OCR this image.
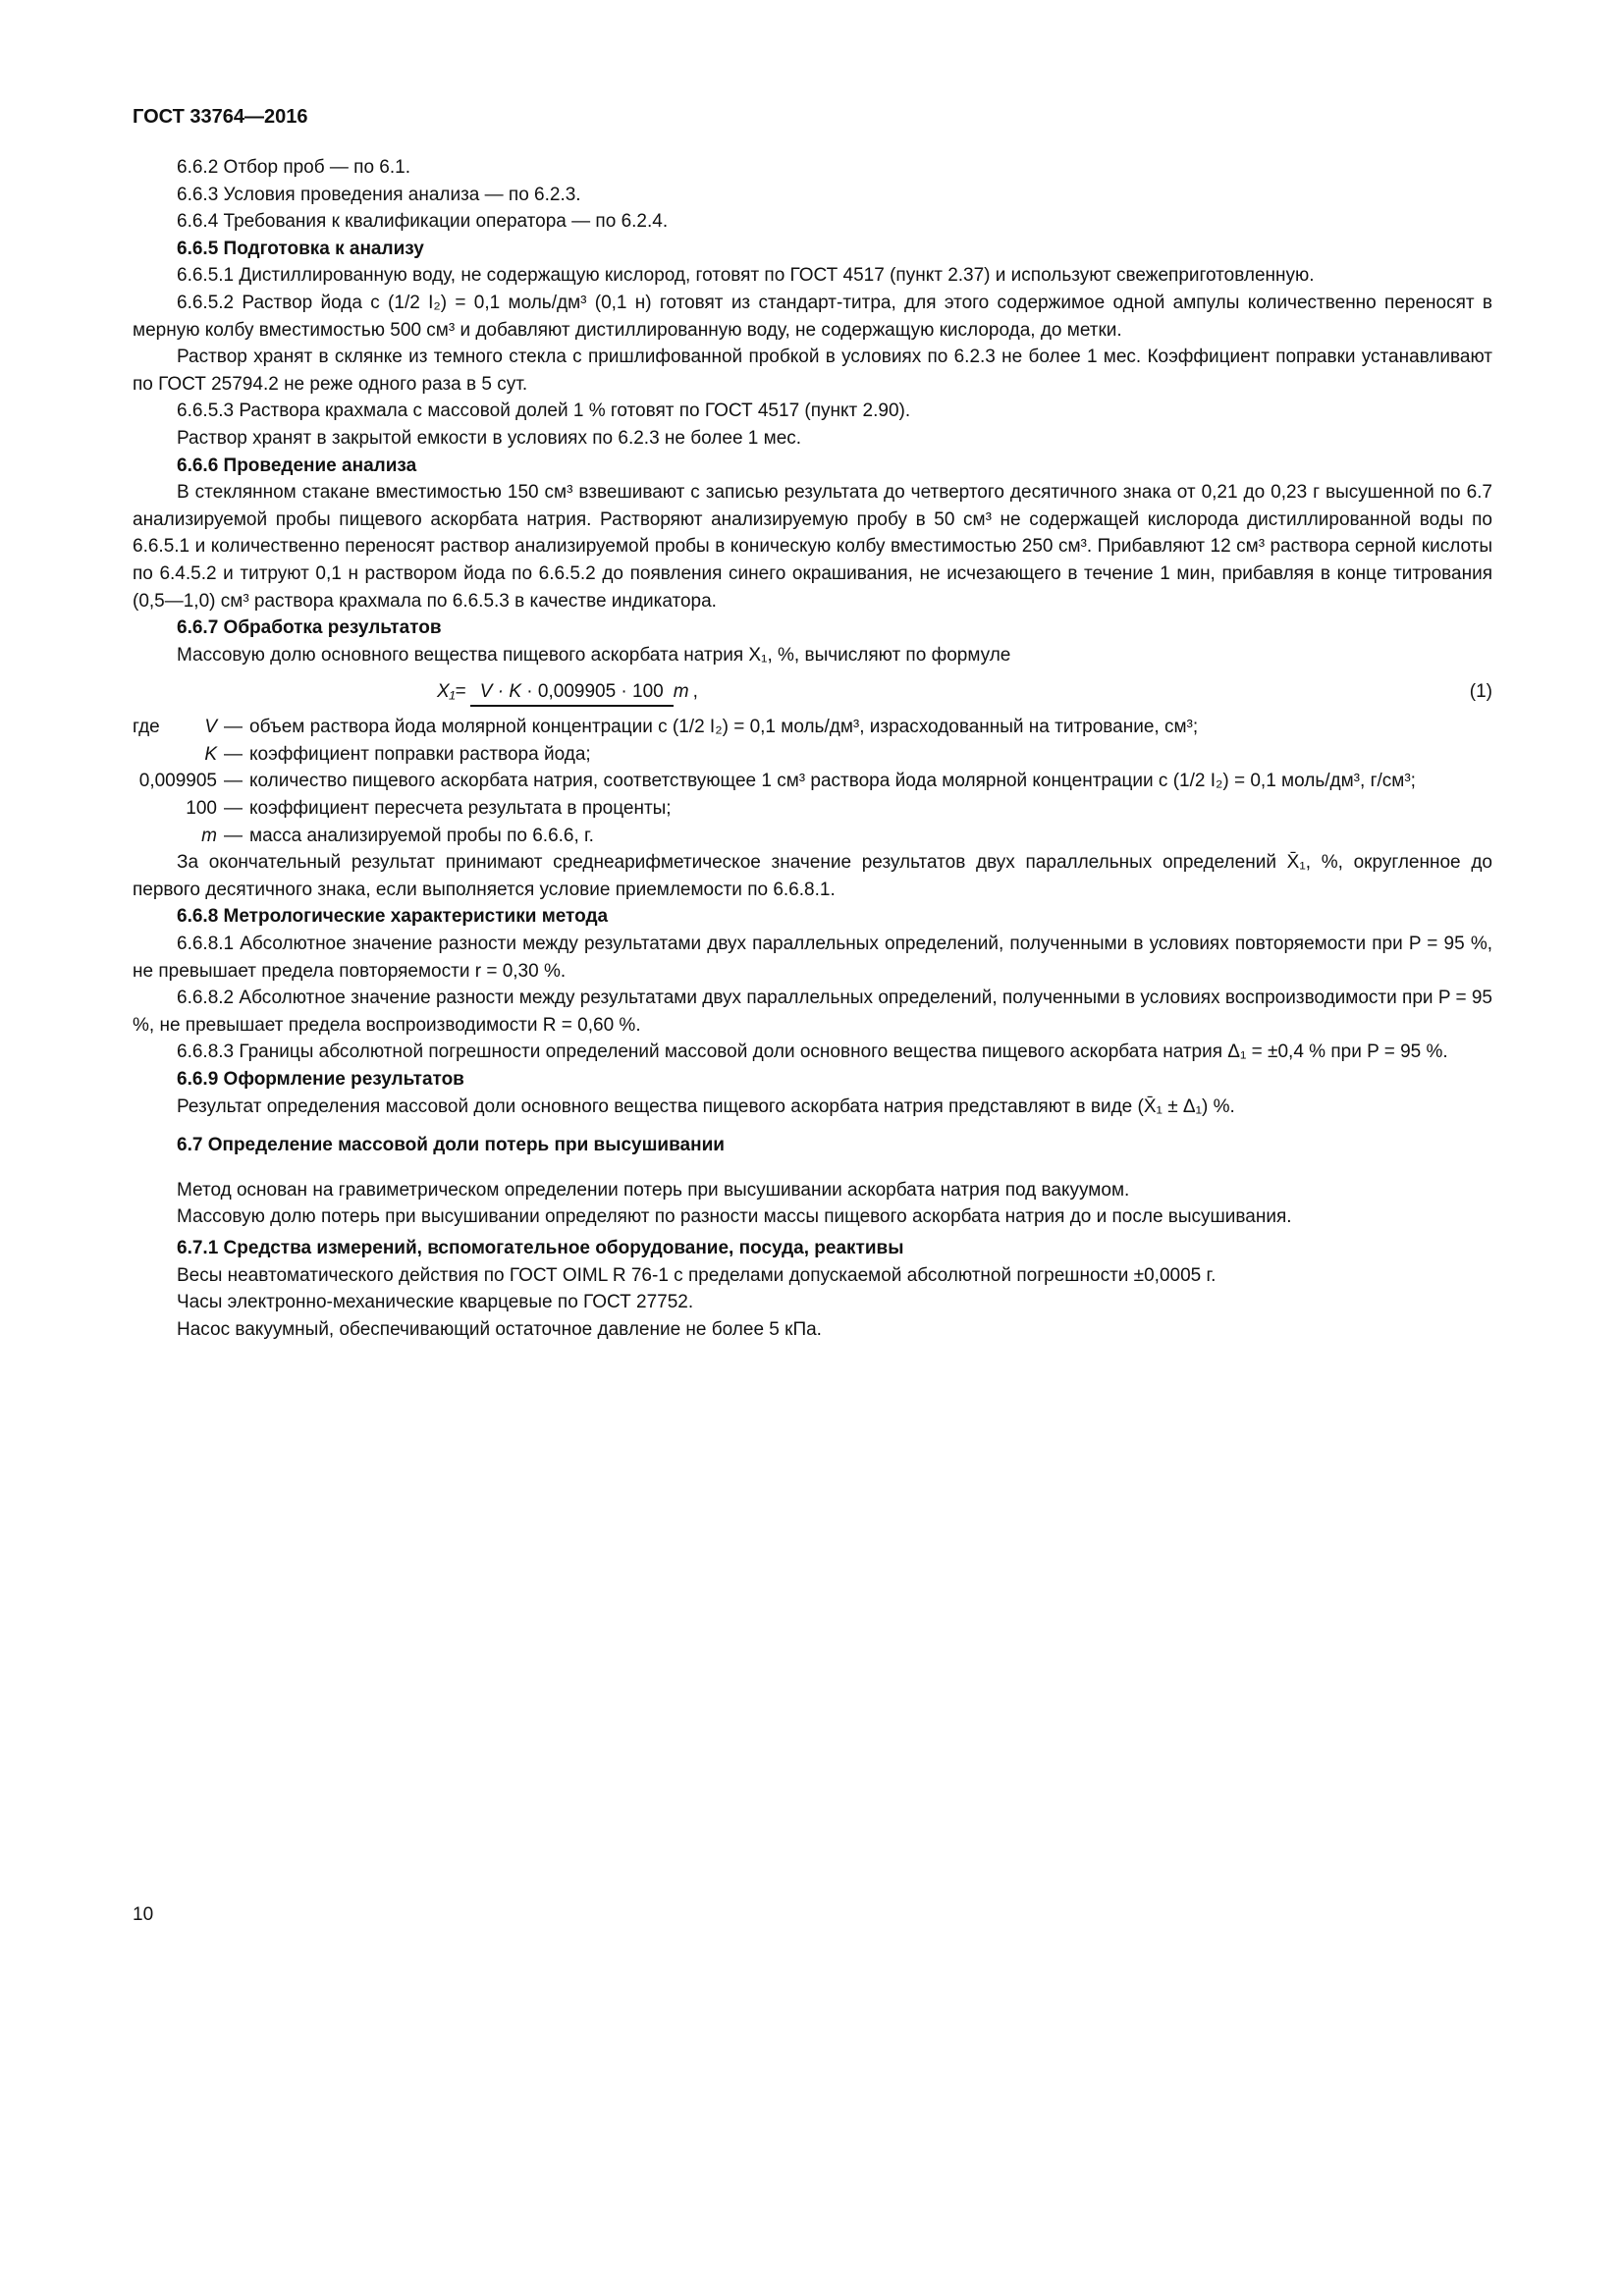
ГОСТ 33764—2016

6.6.2 Отбор проб — по 6.1.

6.6.3 Условия проведения анализа — по 6.2.3.

6.6.4 Требования к квалификации оператора — по 6.2.4.

6.6.5 Подготовка к анализу

6.6.5.1 Дистиллированную воду, не содержащую кислород, готовят по ГОСТ 4517 (пункт 2.37) и используют свежеприготовленную.

6.6.5.2 Раствор йода c (1/2 I₂) = 0,1 моль/дм³ (0,1 н) готовят из стандарт-титра, для этого содержимое одной ампулы количественно переносят в мерную колбу вместимостью 500 см³ и добавляют дистиллированную воду, не содержащую кислорода, до метки.

Раствор хранят в склянке из темного стекла с пришлифованной пробкой в условиях по 6.2.3 не более 1 мес. Коэффициент поправки устанавливают по ГОСТ 25794.2 не реже одного раза в 5 сут.

6.6.5.3 Раствора крахмала с массовой долей 1 % готовят по ГОСТ 4517 (пункт 2.90).

Раствор хранят в закрытой емкости в условиях по 6.2.3 не более 1 мес.

6.6.6 Проведение анализа

В стеклянном стакане вместимостью 150 см³ взвешивают с записью результата до четвертого десятичного знака от 0,21 до 0,23 г высушенной по 6.7 анализируемой пробы пищевого аскорбата натрия. Растворяют анализируемую пробу в 50 см³ не содержащей кислорода дистиллированной воды по 6.6.5.1 и количественно переносят раствор анализируемой пробы в коническую колбу вместимостью 250 см³. Прибавляют 12 см³ раствора серной кислоты по 6.4.5.2 и титруют 0,1 н раствором йода по 6.6.5.2 до появления синего окрашивания, не исчезающего в течение 1 мин, прибавляя в конце титрования (0,5—1,0) см³ раствора крахмала по 6.6.5.3 в качестве индикатора.

6.6.7 Обработка результатов

Массовую долю основного вещества пищевого аскорбата натрия X₁, %, вычисляют по формуле

X₁ = V · K · 0,009905 · 100 m ,	(1)
где	V — объем раствора йода молярной концентрации c (1/2 I₂) = 0,1 моль/дм³, израсходованный на титрование, см³;
K — коэффициент поправки раствора йода;
0,009905 — количество пищевого аскорбата натрия, соответствующее 1 см³ раствора йода молярной концентрации c (1/2 I₂) = 0,1 моль/дм³, г/см³;
100 — коэффициент пересчета результата в проценты;
m — масса анализируемой пробы по 6.6.6, г.

За окончательный результат принимают среднеарифметическое значение результатов двух параллельных определений X̄₁, %, округленное до первого десятичного знака, если выполняется условие приемлемости по 6.6.8.1.

6.6.8 Метрологические характеристики метода

6.6.8.1 Абсолютное значение разности между результатами двух параллельных определений, полученными в условиях повторяемости при P = 95 %, не превышает предела повторяемости r = 0,30 %.

6.6.8.2 Абсолютное значение разности между результатами двух параллельных определений, полученными в условиях воспроизводимости при P = 95 %, не превышает предела воспроизводимости R = 0,60 %.

6.6.8.3 Границы абсолютной погрешности определений массовой доли основного вещества пищевого аскорбата натрия Δ₁ = ±0,4 % при P = 95 %.

6.6.9 Оформление результатов

Результат определения массовой доли основного вещества пищевого аскорбата натрия представляют в виде (X̄₁ ± Δ₁) %.

6.7 Определение массовой доли потерь при высушивании

Метод основан на гравиметрическом определении потерь при высушивании аскорбата натрия под вакуумом.

Массовую долю потерь при высушивании определяют по разности массы пищевого аскорбата натрия до и после высушивания.

6.7.1 Средства измерений, вспомогательное оборудование, посуда, реактивы

Весы неавтоматического действия по ГОСТ OIML R 76-1 с пределами допускаемой абсолютной погрешности ±0,0005 г.

Часы электронно-механические кварцевые по ГОСТ 27752.

Насос вакуумный, обеспечивающий остаточное давление не более 5 кПа.

10
